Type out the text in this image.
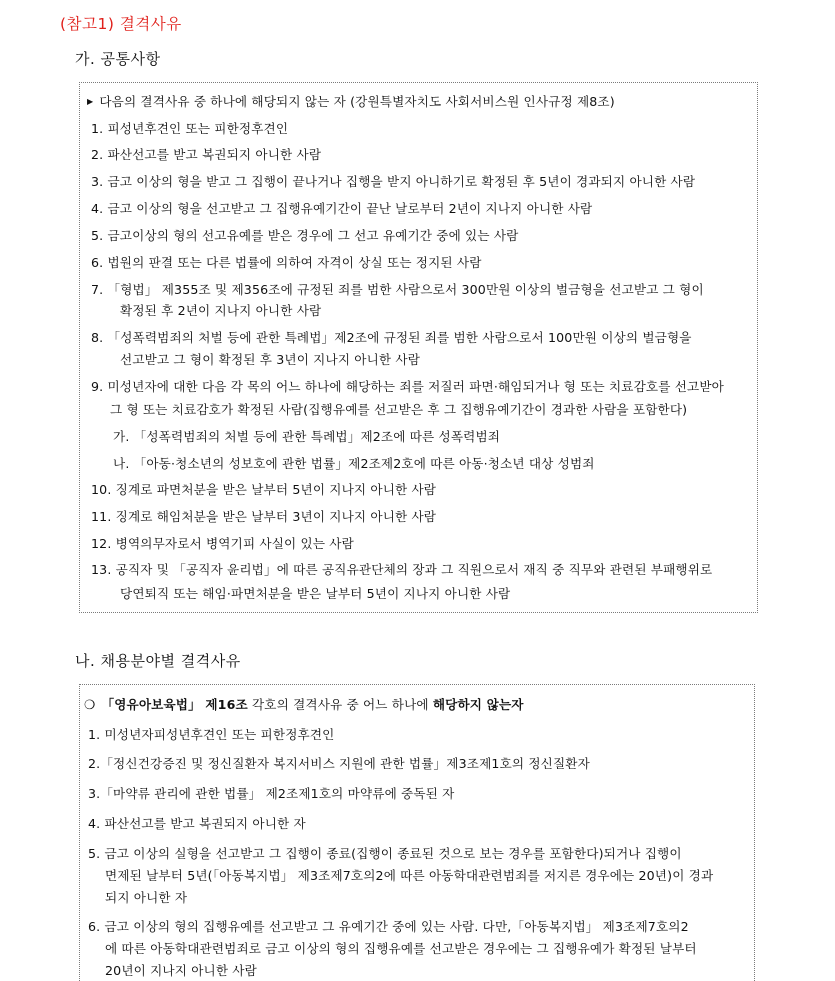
(참고1) 결격사유
가. 공통사항
▶ 다음의 결격사유 중 하나에 해당되지 않는 자 (강원특별자치도 사회서비스원 인사규정 제8조)
1. 피성년후견인 또는 피한정후견인
2. 파산선고를 받고 복권되지 아니한 사람
3. 금고 이상의 형을 받고 그 집행이 끝나거나 집행을 받지 아니하기로 확정된 후 5년이 경과되지 아니한 사람
4. 금고 이상의 형을 선고받고 그 집행유예기간이 끝난 날로부터 2년이 지나지 아니한 사람
5. 금고이상의 형의 선고유예를 받은 경우에 그 선고 유예기간 중에 있는 사람
6. 법원의 판결 또는 다른 법률에 의하여 자격이 상실 또는 정지된 사람
7. 「형법」 제355조 및 제356조에 규정된 죄를 범한 사람으로서 300만원 이상의 벌금형을 선고받고 그 형이
확정된 후 2년이 지나지 아니한 사람
8. 「성폭력범죄의 처벌 등에 관한 특례법」제2조에 규정된 죄를 범한 사람으로서 100만원 이상의 벌금형을
선고받고 그 형이 확정된 후 3년이 지나지 아니한 사람
9. 미성년자에 대한 다음 각 목의 어느 하나에 해당하는 죄를 저질러 파면·해임되거나 형 또는 치료감호를 선고받아
그 형 또는 치료감호가 확정된 사람(집행유예를 선고받은 후 그 집행유예기간이 경과한 사람을 포함한다)
가. 「성폭력범죄의 처벌 등에 관한 특례법」제2조에 따른 성폭력범죄
나. 「아동·청소년의 성보호에 관한 법률」제2조제2호에 따른 아동·청소년 대상 성범죄
10. 징계로 파면처분을 받은 날부터 5년이 지나지 아니한 사람
11. 징계로 해임처분을 받은 날부터 3년이 지나지 아니한 사람
12. 병역의무자로서 병역기피 사실이 있는 사람
13. 공직자 및 「공직자 윤리법」에 따른 공직유관단체의 장과 그 직원으로서 재직 중 직무와 관련된 부패행위로
당연퇴직 또는 해임·파면처분을 받은 날부터 5년이 지나지 아니한 사람
나. 채용분야별 결격사유
❍ 「영유아보육법」 제16조 각호의 결격사유 중 어느 하나에 해당하지 않는자
1. 미성년자피성년후견인 또는 피한정후견인
2.「정신건강증진 및 정신질환자 복지서비스 지원에 관한 법률」제3조제1호의 정신질환자
3.「마약류 관리에 관한 법률」 제2조제1호의 마약류에 중독된 자
4. 파산선고를 받고 복권되지 아니한 자
5. 금고 이상의 실형을 선고받고 그 집행이 종료(집행이 종료된 것으로 보는 경우를 포함한다)되거나 집행이
면제된 날부터 5년(「아동복지법」 제3조제7호의2에 따른 아동학대관련범죄를 저지른 경우에는 20년)이 경과
되지 아니한 자
6. 금고 이상의 형의 집행유예를 선고받고 그 유예기간 중에 있는 사람. 다만,「아동복지법」 제3조제7호의2
에 따른 아동학대관련범죄로 금고 이상의 형의 집행유예를 선고받은 경우에는 그 집행유예가 확정된 날부터
20년이 지나지 아니한 사람
